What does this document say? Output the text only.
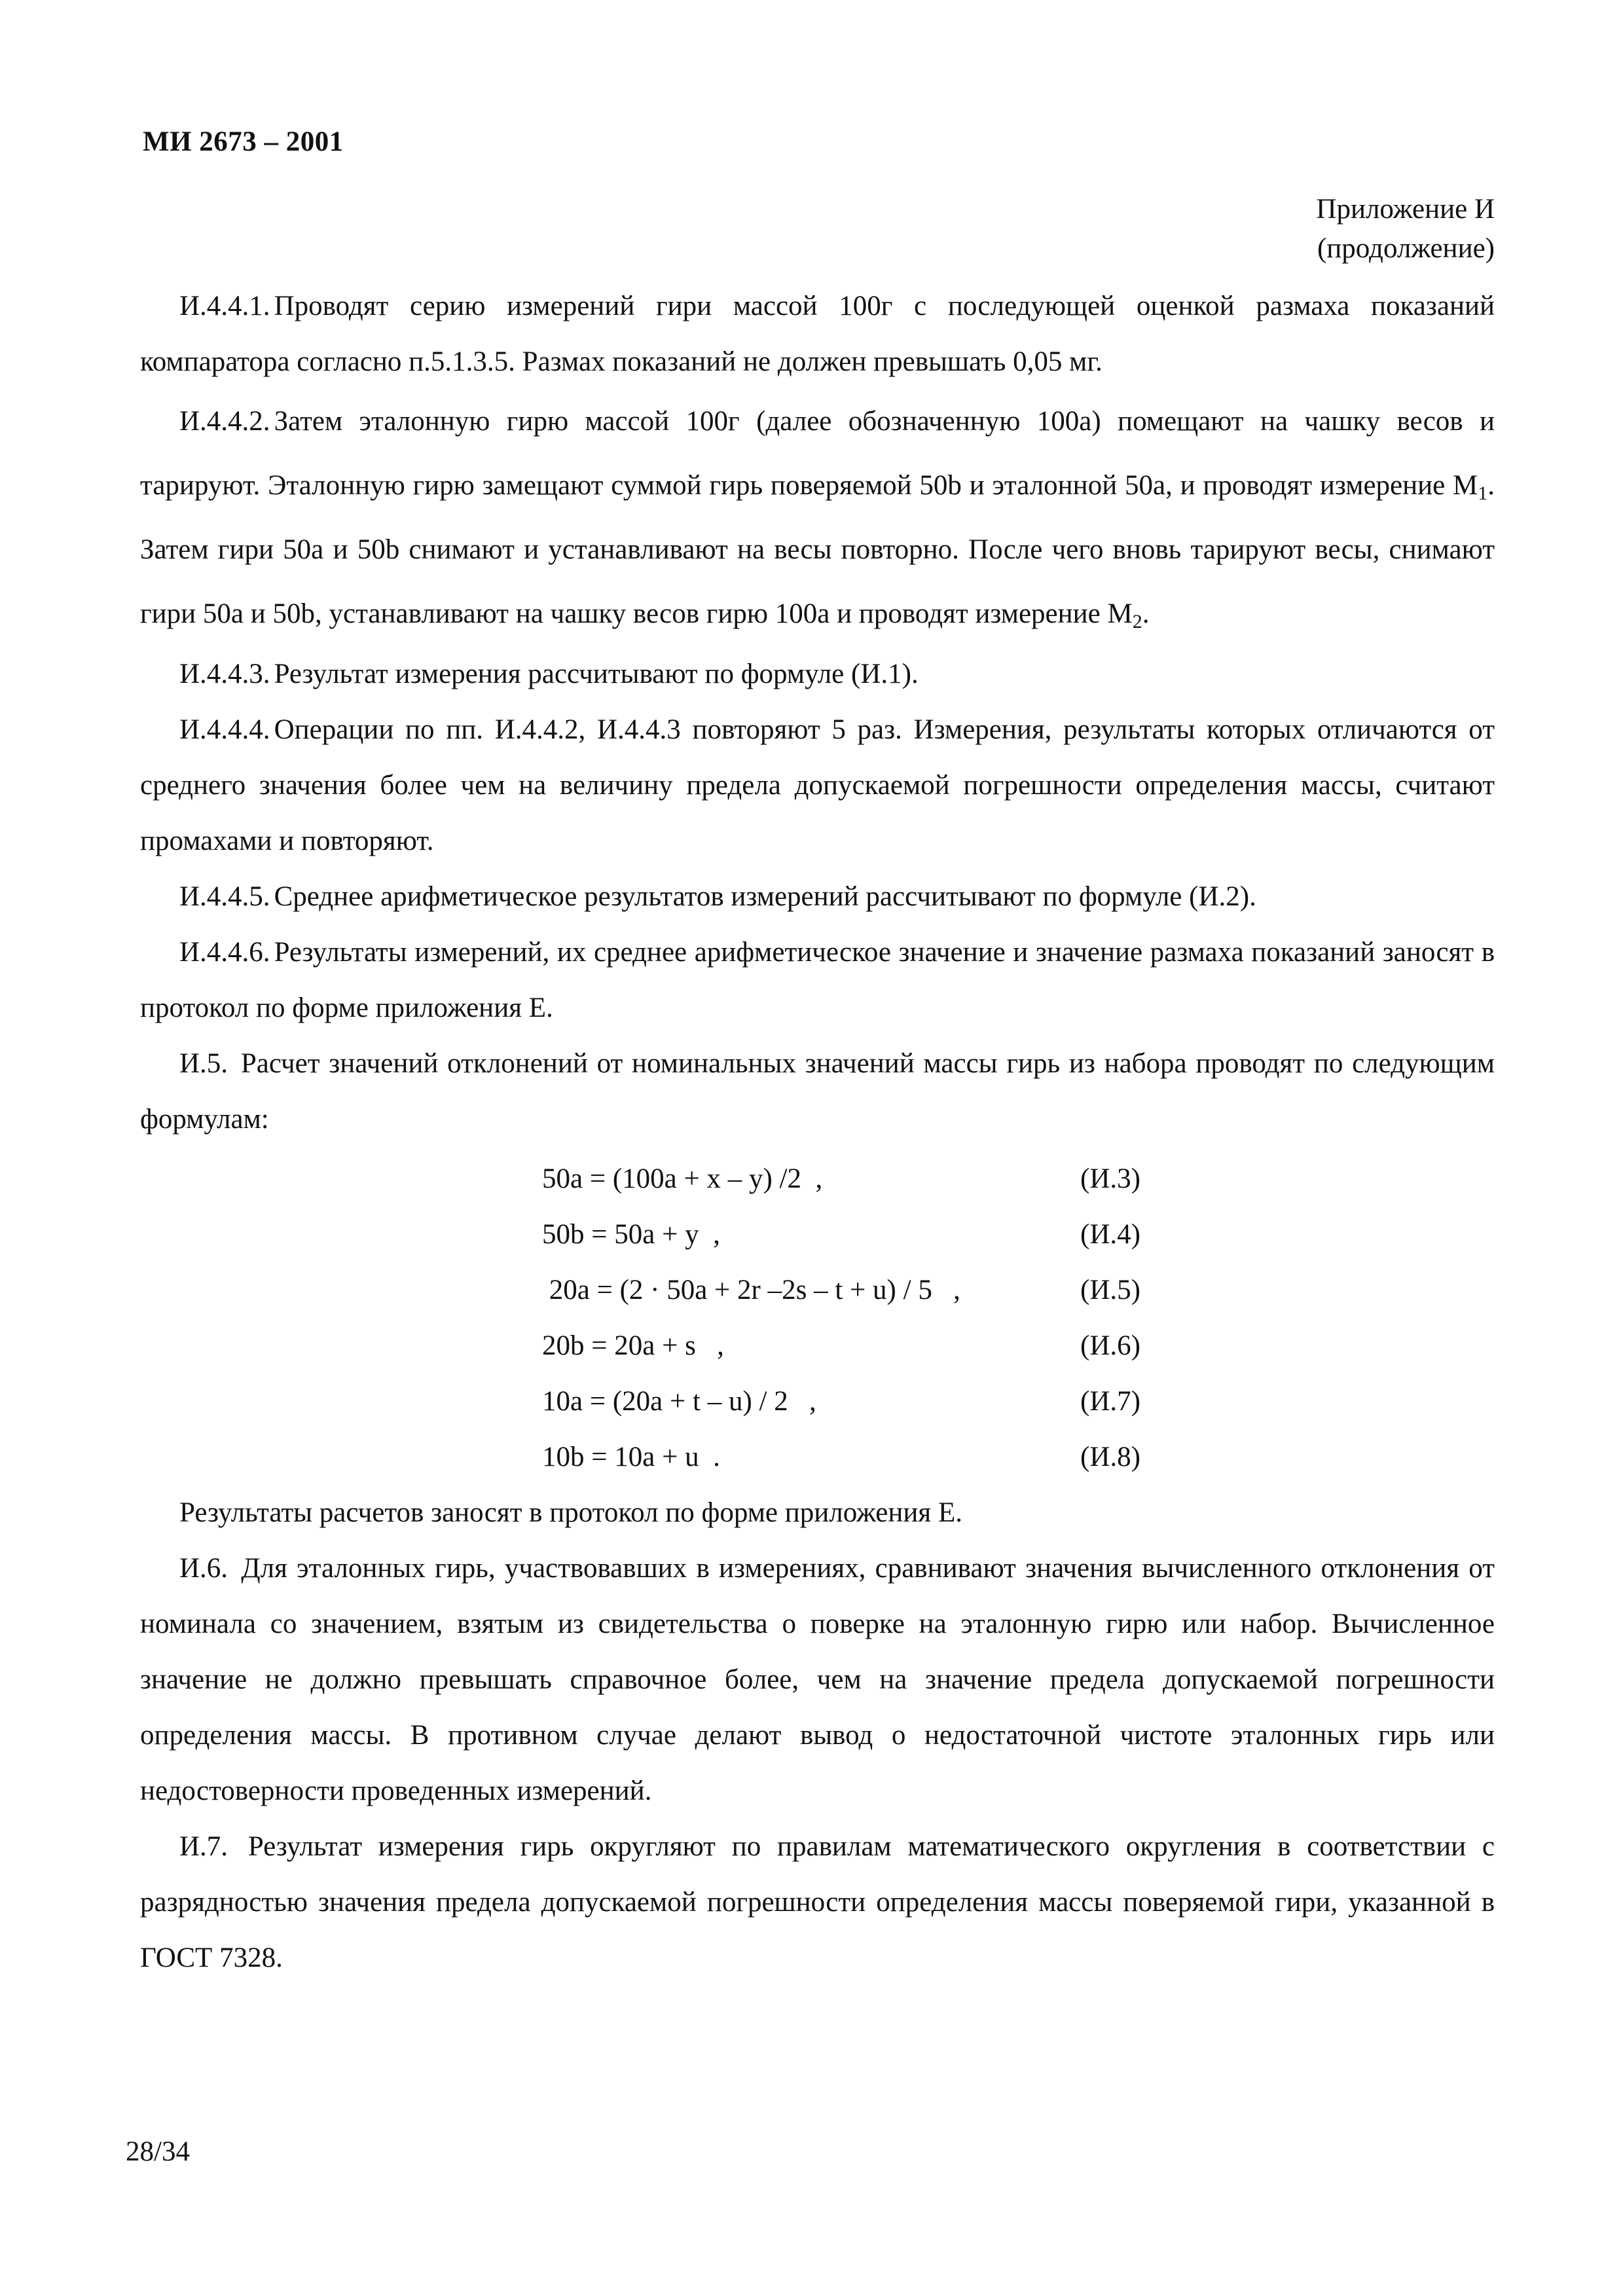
МИ 2673 – 2001
Приложение И
(продолжение)

И.4.4.1. Проводят серию измерений гири массой 100г с последующей оценкой размаха показаний компаратора согласно п.5.1.3.5. Размах показаний не должен превышать 0,05 мг.

И.4.4.2. Затем эталонную гирю массой 100г (далее обозначенную 100а) помещают на чашку весов и тарируют. Эталонную гирю замещают суммой гирь поверяемой 50b и эталонной 50а, и проводят измерение $M_1$. Затем гири 50а и 50b снимают и устанавливают на весы повторно. После чего вновь тарируют весы, снимают гири 50а и 50b, устанавливают на чашку весов гирю 100а и проводят измерение $M_2$.

И.4.4.3. Результат измерения рассчитывают по формуле (И.1).

И.4.4.4. Операции по пп. И.4.4.2, И.4.4.3 повторяют 5 раз. Измерения, результаты которых отличаются от среднего значения более чем на величину предела допускаемой погрешности определения массы, считают промахами и повторяют.

И.4.4.5. Среднее арифметическое результатов измерений рассчитывают по формуле (И.2).

И.4.4.6. Результаты измерений, их среднее арифметическое значение и значение размаха показаний заносят в протокол по форме приложения Е.

И.5. Расчет значений отклонений от номинальных значений массы гирь из набора проводят по следующим формулам:

50а = (100а + x – y) /2  ,	(И.3)
50b = 50а + y  ,	(И.4)
20а = (2 · 50а + 2r –2s – t + u) / 5   ,	(И.5)
20b = 20а + s   ,	(И.6)
10а = (20а + t – u) / 2   ,	(И.7)
10b = 10а + u  .	(И.8)

Результаты расчетов заносят в протокол по форме приложения Е.

И.6. Для эталонных гирь, участвовавших в измерениях, сравнивают значения вычисленного отклонения от номинала со значением, взятым из свидетельства о поверке на эталонную гирю или набор. Вычисленное значение не должно превышать справочное более, чем на значение предела допускаемой погрешности определения массы. В противном случае делают вывод о недостаточной чистоте эталонных гирь или недостоверности проведенных измерений.

И.7. Результат измерения гирь округляют по правилам математического округления в соответствии с разрядностью значения предела допускаемой погрешности определения массы поверяемой гири, указанной в ГОСТ 7328.

28/34
